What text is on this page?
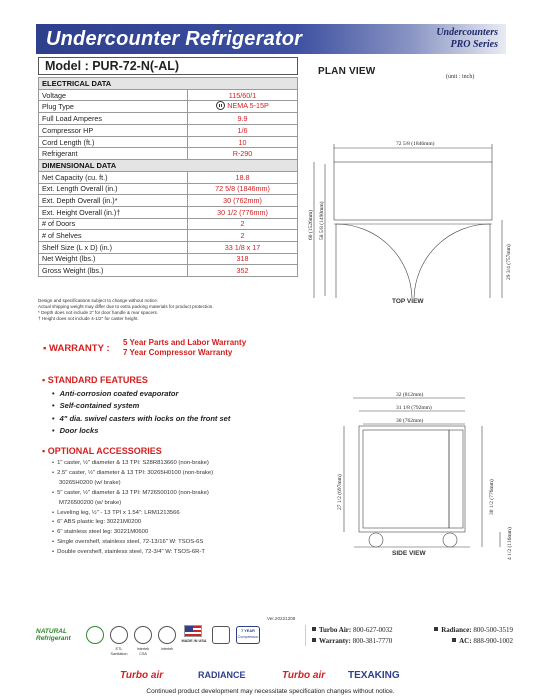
Undercounter Refrigerator	Undercounters
PRO Series
Model : PUR-72-N(-AL)
ELECTRICAL DATA	
Voltage	115/60/1
Plug Type	NEMA 5-15P

Full Load Amperes	9.9
Compressor HP	1/6
Cord Length (ft.)	10
Refrigerant	R-290
DIMENSIONAL DATA	
Net Capacity (cu. ft.)	18.8
Ext. Length Overall (in.)	72 5/8 (1846mm)
Ext. Depth Overall (in.)*	30 (762mm)
Ext. Height Overall (in.)†	30 1/2 (776mm)
# of Doors	2
# of Shelves	2
Shelf Size (L x D) (in.)	33 1/8 x 17
Net Weight (lbs.)	318
Gross Weight (lbs.)	352
Design and specifications subject to change without notice.
Actual shipping weight may differ due to extra packing materials for product protection.
* Depth does not include 2" for door handle & rear spacers.
† Height does not include 4-1/2" for caster height.
▪ WARRANTY :
5 Year Parts and Labor Warranty
7 Year Compressor Warranty
▪ STANDARD FEATURES
• Anti-corrosion coated evaporator
• Self-contained system
• 4" dia. swivel casters with locks on the front set
• Door locks
▪ OPTIONAL ACCESSORIES
• 1" caster, ½" diameter & 13 TPI: S28R813660 (non-brake)
• 2.5" caster, ½" diameter & 13 TPI: 30265H0100 (non-brake)
30265H0200 (w/ brake)
• 5" caster, ½" diameter & 13 TPI: M726500100 (non-brake)
M726500200 (w/ brake)
• Leveling leg, ½" - 13 TPI x 1.54": LRM1213566
• 6" ABS plastic leg: 30221M0200
• 6" stainless steel leg: 30221M0600
• Single overshelf, stainless steel, 72-13/16" W: TSOS-6S
• Double overshelf, stainless steel, 72-3/4" W: TSOS-6R-T
Ver.20221208
PLAN VIEW	(unit : inch)
72 5/8 (1846mm)
60 (1526mm) 58 5/8 (1490mm)
29 3/4 (757mm)
32 (812mm)
31 1/8 (792mm)
30 (762mm)
27 1/2 (697mm)	30 1/2 (776mm)
4 1/2 (116mm)
TOP VIEW
SIDE VIEW
NATURAL
Refrigerant	MADE IN USA
ETL
Sanitation
Intertek
CSA
Intertek
7 YEAR
Compressor
Turbo Air: 800-627-0032	Radiance: 800-500-3519
Warranty: 800-381-7770	AC: 888-900-1002
Turbo air	RADIANCE	Turbo air TEXAKING
Continued product development may necessitate specification changes without notice.
